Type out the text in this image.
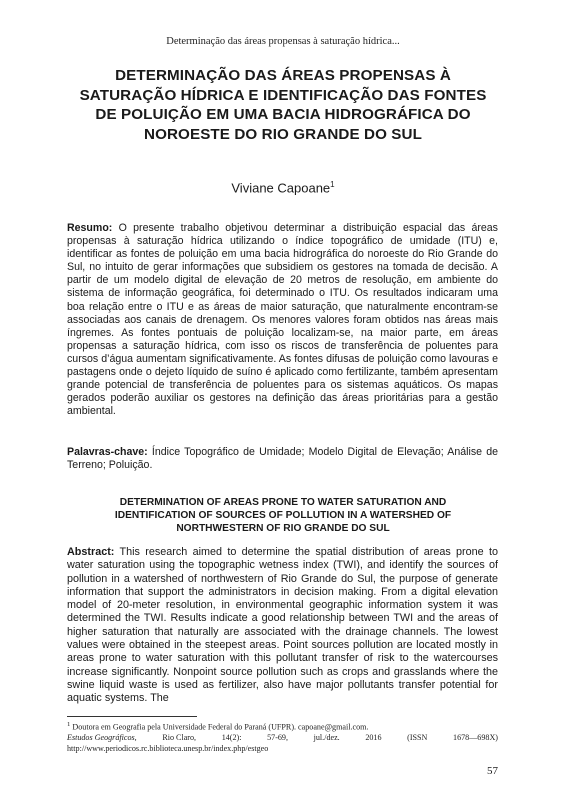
Determinação das áreas propensas à saturação hídrica...
DETERMINAÇÃO DAS ÁREAS PROPENSAS À SATURAÇÃO HÍDRICA E IDENTIFICAÇÃO DAS FONTES DE POLUIÇÃO EM UMA BACIA HIDROGRÁFICA DO NOROESTE DO RIO GRANDE DO SUL
Viviane Capoane$^1$
Resumo: O presente trabalho objetivou determinar a distribuição espacial das áreas propensas à saturação hídrica utilizando o índice topográfico de umidade (ITU) e, identificar as fontes de poluição em uma bacia hidrográfica do noroeste do Rio Grande do Sul, no intuito de gerar informações que subsidiem os gestores na tomada de decisão. A partir de um modelo digital de elevação de 20 metros de resolução, em ambiente do sistema de informação geográfica, foi determinado o ITU. Os resultados indicaram uma boa relação entre o ITU e as áreas de maior saturação, que naturalmente encontram-se associadas aos canais de drenagem. Os menores valores foram obtidos nas áreas mais íngremes. As fontes pontuais de poluição localizam-se, na maior parte, em áreas propensas a saturação hídrica, com isso os riscos de transferência de poluentes para cursos d’água aumentam significativamente. As fontes difusas de poluição como lavouras e pastagens onde o dejeto líquido de suíno é aplicado como fertilizante, também apresentam grande potencial de transferência de poluentes para os sistemas aquáticos. Os mapas gerados poderão auxiliar os gestores na definição das áreas prioritárias para a gestão ambiental.
Palavras-chave: Índice Topográfico de Umidade; Modelo Digital de Elevação; Análise de Terreno; Poluição.
DETERMINATION OF AREAS PRONE TO WATER SATURATION AND IDENTIFICATION OF SOURCES OF POLLUTION IN A WATERSHED OF NORTHWESTERN OF RIO GRANDE DO SUL
Abstract: This research aimed to determine the spatial distribution of areas prone to water saturation using the topographic wetness index (TWI), and identify the sources of pollution in a watershed of northwestern of Rio Grande do Sul, the purpose of generate information that support the administrators in decision making. From a digital elevation model of 20-meter resolution, in environmental geographic information system it was determined the TWI. Results indicate a good relationship between TWI and the areas of higher saturation that naturally are associated with the drainage channels. The lowest values were obtained in the steepest areas. Point sources pollution are located mostly in areas prone to water saturation with this pollutant transfer of risk to the watercourses increase significantly. Nonpoint source pollution such as crops and grasslands where the swine liquid waste is used as fertilizer, also have major pollutants transfer potential for aquatic systems. The
$^1$ Doutora em Geografia pela Universidade Federal do Paraná (UFPR). capoane@gmail.com.
Estudos Geográficos,	Rio Claro,	14(2):	57-69,	jul./dez.	2016	(ISSN	1678—698X)
http://www.periodicos.rc.biblioteca.unesp.br/index.php/estgeo
57
